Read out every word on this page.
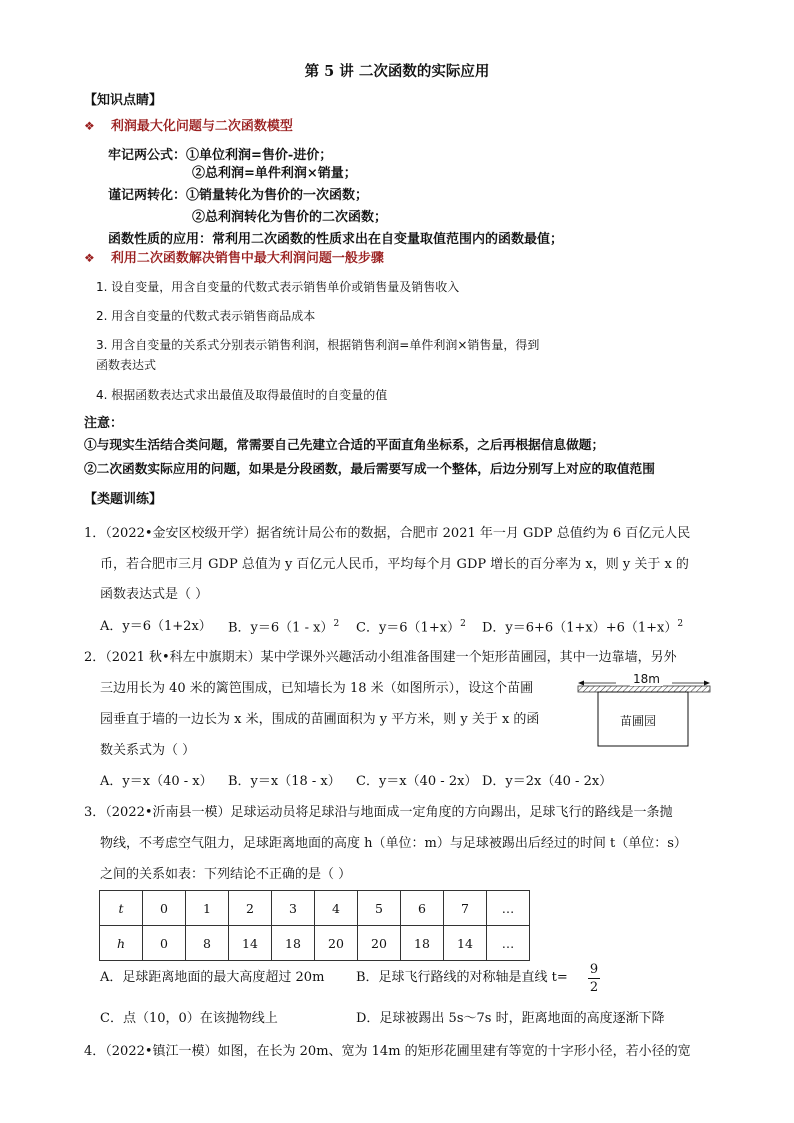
第 5 讲 二次函数的实际应用
【知识点睛】
❖ 利润最大化问题与二次函数模型
牢记两公式：①单位利润=售价-进价；
②总利润=单件利润×销量；
谨记两转化：①销量转化为售价的一次函数；
②总利润转化为售价的二次函数；
函数性质的应用：常利用二次函数的性质求出在自变量取值范围内的函数最值；
❖ 利用二次函数解决销售中最大利润问题一般步骤
1. 设自变量，用含自变量的代数式表示销售单价或销售量及销售收入
2. 用含自变量的代数式表示销售商品成本
3. 用含自变量的关系式分别表示销售利润，根据销售利润=单件利润×销售量，得到
函数表达式
4. 根据函数表达式求出最值及取得最值时的自变量的值
注意：
①与现实生活结合类问题，常需要自己先建立合适的平面直角坐标系，之后再根据信息做题；
②二次函数实际应用的问题，如果是分段函数，最后需要写成一个整体，后边分别写上对应的取值范围
【类题训练】
1．（2022•金安区校级开学）据省统计局公布的数据，合肥市 2021 年一月 GDP 总值约为 6 百亿元人民
币，若合肥市三月 GDP 总值为 y 百亿元人民币，平均每个月 GDP 增长的百分率为 x，则 y 关于 x 的
函数表达式是（ ）
A．y＝6（1+2x） B．y＝6（1 - x）$^2$ C．$y=6(1+x)^2$ D．$y=6+6(1+x)+6(1+x)^2$
2．（2021 秋•科左中旗期末）某中学课外兴趣活动小组准备围建一个矩形苗圃园，其中一边靠墙，另外
三边用长为 40 米的篱笆围成，已知墙长为 18 米（如图所示），设这个苗圃
园垂直于墙的一边长为 x 米，围成的苗圃面积为 y 平方米，则 y 关于 x 的函
数关系式为（ ）
A．y＝x（40 - x） B．y＝x（18 - x） C．y＝x（40 - 2x） D．y＝2x（40 - 2x）
18m
苗圃园
3．（2022•沂南县一模）足球运动员将足球沿与地面成一定角度的方向踢出，足球飞行的路线是一条抛
物线，不考虑空气阻力，足球距离地面的高度 h（单位：m）与足球被踢出后经过的时间 t（单位：s）
之间的关系如表：下列结论不正确的是（ ）
t	0	1	2	3	4	5	6	7	…
h	0	8	14	18	20	20	18	14	…
A．足球距离地面的最大高度超过 20m B．足球飞行路线的对称轴是直线 t=
9
2
C．点（10，0）在该抛物线上	D．足球被踢出 5s～7s 时，距离地面的高度逐渐下降
4．（2022•镇江一模）如图，在长为 20m、宽为 14m 的矩形花圃里建有等宽的十字形小径，若小径的宽
